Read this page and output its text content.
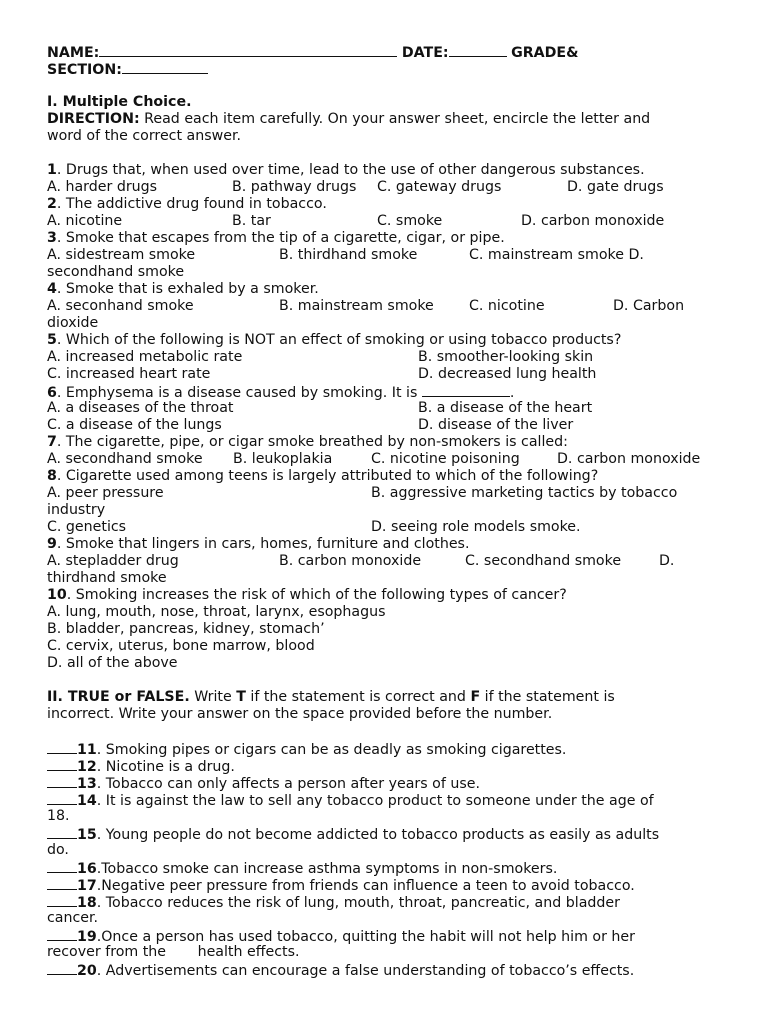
NAME:	DATE:	GRADE&
SECTION:
I. Multiple Choice.
DIRECTION: Read each item carefully. On your answer sheet, encircle the letter and
word of the correct answer.
1. Drugs that, when used over time, lead to the use of other dangerous substances.
A. harder drugs	B. pathway drugs C. gateway drugs	D. gate drugs
2. The addictive drug found in tobacco.
A. nicotine	B. tar	C. smoke	D. carbon monoxide
3. Smoke that escapes from the tip of a cigarette, cigar, or pipe.
A. sidestream smoke	B. thirdhand smoke	C. mainstream smoke D.
secondhand smoke
4. Smoke that is exhaled by a smoker.
A. seconhand smoke	B. mainstream smoke C. nicotine	D. Carbon
dioxide
5. Which of the following is NOT an effect of smoking or using tobacco products?
A. increased metabolic rate	B. smoother-looking skin
C. increased heart rate	D. decreased lung health
6. Emphysema is a disease caused by smoking. It is	.
A. a diseases of the throat	B. a disease of the heart
C. a disease of the lungs	D. disease of the liver
7. The cigarette, pipe, or cigar smoke breathed by non-smokers is called:
A. secondhand smoke B. leukoplakia	C. nicotine poisoning	D. carbon monoxide
8. Cigarette used among teens is largely attributed to which of the following?
A. peer pressure	B. aggressive marketing tactics by tobacco
industry
C. genetics	D. seeing role models smoke.
9. Smoke that lingers in cars, homes, furniture and clothes.
A. stepladder drug	B. carbon monoxide	C. secondhand smoke	D.
thirdhand smoke
10. Smoking increases the risk of which of the following types of cancer?
A. lung, mouth, nose, throat, larynx, esophagus
B. bladder, pancreas, kidney, stomach’
C. cervix, uterus, bone marrow, blood
D. all of the above
II. TRUE or FALSE. Write T if the statement is correct and F if the statement is
incorrect. Write your answer on the space provided before the number.
11. Smoking pipes or cigars can be as deadly as smoking cigarettes.
12. Nicotine is a drug.
13. Tobacco can only affects a person after years of use.
14. It is against the law to sell any tobacco product to someone under the age of
18.
15. Young people do not become addicted to tobacco products as easily as adults
do.
16.Tobacco smoke can increase asthma symptoms in non-smokers.
17.Negative peer pressure from friends can influence a teen to avoid tobacco.
18. Tobacco reduces the risk of lung, mouth, throat, pancreatic, and bladder
cancer.
19.Once a person has used tobacco, quitting the habit will not help him or her
recover from the       health effects.
20. Advertisements can encourage a false understanding of tobacco’s effects.
